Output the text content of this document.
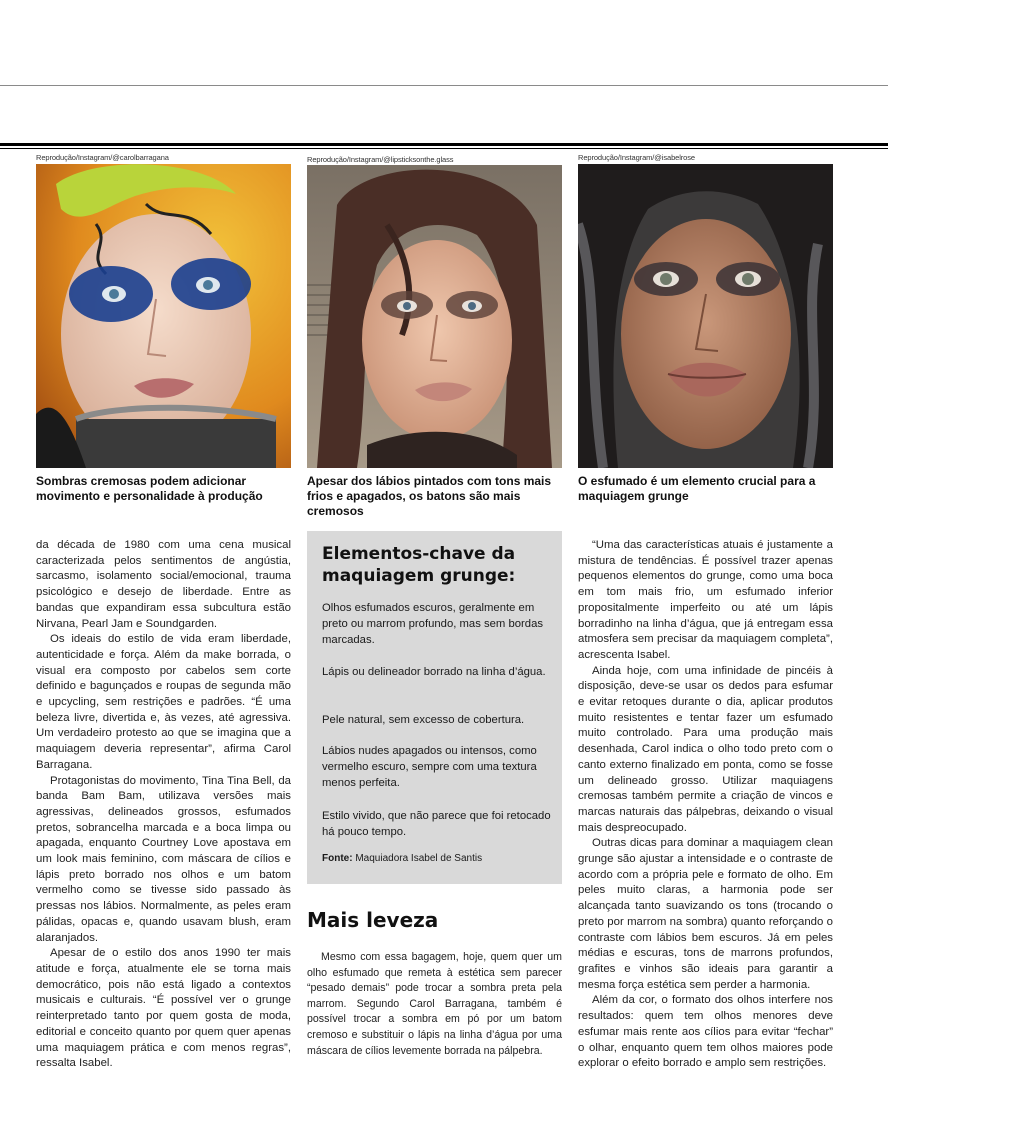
Reprodução/Instagram/@carolbarragana
Sombras cremosas podem adicionar movimento e personalidade à produção
Reprodução/Instagram/@lipsticksonthe.glass
Apesar dos lábios pintados com tons mais frios e apagados, os batons são mais cremosos
Reprodução/Instagram/@isabelrose
O esfumado é um elemento crucial para a maquiagem grunge

da década de 1980 com uma cena musical caracterizada pelos sentimentos de angústia, sarcasmo, isolamento social/emocional, trauma psicológico e desejo de liberdade. Entre as bandas que expandiram essa subcultura estão Nirvana, Pearl Jam e Soundgarden.

Os ideais do estilo de vida eram liberdade, autenticidade e força. Além da make borrada, o visual era composto por cabelos sem corte definido e bagunçados e roupas de segunda mão e upcycling, sem restrições e padrões. “É uma beleza livre, divertida e, às vezes, até agressiva. Um verdadeiro protesto ao que se imagina que a maquiagem deveria representar”, afirma Carol Barragana.

Protagonistas do movimento, Tina Tina Bell, da banda Bam Bam, utilizava versões mais agressivas, delineados grossos, esfumados pretos, sobrancelha marcada e a boca limpa ou apagada, enquanto Courtney Love apostava em um look mais feminino, com máscara de cílios e lápis preto borrado nos olhos e um batom vermelho como se tivesse sido passado às pressas nos lábios. Normalmente, as peles eram pálidas, opacas e, quando usavam blush, eram alaranjados.

Apesar de o estilo dos anos 1990 ter mais atitude e força, atualmente ele se torna mais democrático, pois não está ligado a contextos musicais e culturais. “É possível ver o grunge reinterpretado tanto por quem gosta de moda, editorial e conceito quanto por quem quer apenas uma maquiagem prática e com menos regras”, ressalta Isabel.

Elementos-chave da maquiagem grunge:
Olhos esfumados escuros, geralmente em preto ou marrom profundo, mas sem bordas marcadas.
Lápis ou delineador borrado na linha d’água.
Pele natural, sem excesso de cobertura.
Lábios nudes apagados ou intensos, como vermelho escuro, sempre com uma textura menos perfeita.
Estilo vivido, que não parece que foi retocado há pouco tempo.
Fonte: Maquiadora Isabel de Santis
Mais leveza

Mesmo com essa bagagem, hoje, quem quer um olho esfumado que remeta à estética sem parecer “pesado demais” pode trocar a sombra preta pela marrom. Segundo Carol Barragana, também é possível trocar a sombra em pó por um batom cremoso e substituir o lápis na linha d’água por uma máscara de cílios levemente borrada na pálpebra.

“Uma das características atuais é justamente a mistura de tendências. É possível trazer apenas pequenos elementos do grunge, como uma boca em tom mais frio, um esfumado inferior propositalmente imperfeito ou até um lápis borradinho na linha d’água, que já entregam essa atmosfera sem precisar da maquiagem completa”, acrescenta Isabel.

Ainda hoje, com uma infinidade de pincéis à disposição, deve-se usar os dedos para esfumar e evitar retoques durante o dia, aplicar produtos muito resistentes e tentar fazer um esfumado muito controlado. Para uma produção mais desenhada, Carol indica o olho todo preto com o canto externo finalizado em ponta, como se fosse um delineado grosso. Utilizar maquiagens cremosas também permite a criação de vincos e marcas naturais das pálpebras, deixando o visual mais despreocupado.

Outras dicas para dominar a maquiagem clean grunge são ajustar a intensidade e o contraste de acordo com a própria pele e formato de olho. Em peles muito claras, a harmonia pode ser alcançada tanto suavizando os tons (trocando o preto por marrom na sombra) quanto reforçando o contraste com lábios bem escuros. Já em peles médias e escuras, tons de marrons profundos, grafites e vinhos são ideais para garantir a mesma força estética sem perder a harmonia.

Além da cor, o formato dos olhos interfere nos resultados: quem tem olhos menores deve esfumar mais rente aos cílios para evitar “fechar” o olhar, enquanto quem tem olhos maiores pode explorar o efeito borrado e amplo sem restrições.
